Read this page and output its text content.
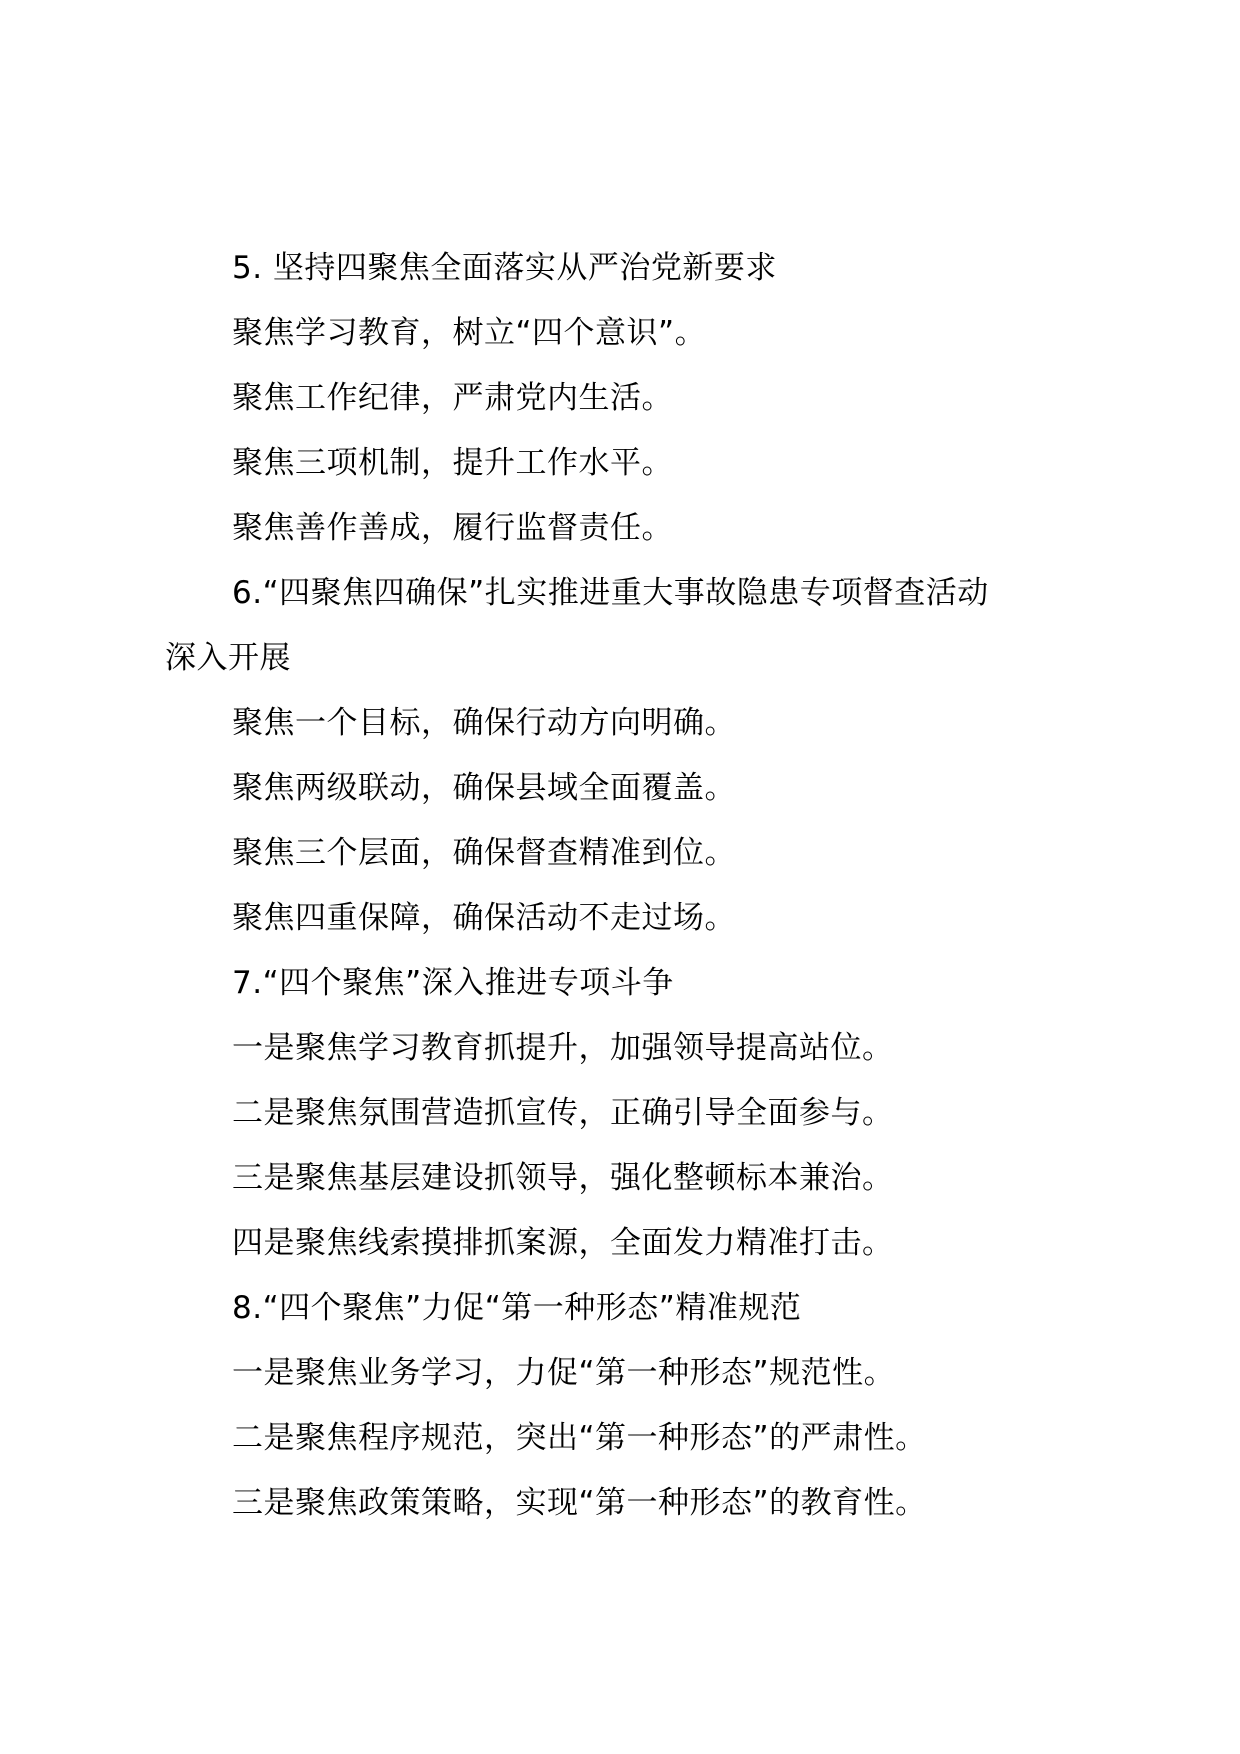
5. 坚持四聚焦全面落实从严治党新要求
聚焦学习教育，树立“四个意识”。
聚焦工作纪律，严肃党内生活。
聚焦三项机制，提升工作水平。
聚焦善作善成，履行监督责任。
6.“四聚焦四确保”扎实推进重大事故隐患专项督查活动
深入开展
聚焦一个目标，确保行动方向明确。
聚焦两级联动，确保县域全面覆盖。
聚焦三个层面，确保督查精准到位。
聚焦四重保障，确保活动不走过场。
7.“四个聚焦”深入推进专项斗争
一是聚焦学习教育抓提升，加强领导提高站位。
二是聚焦氛围营造抓宣传，正确引导全面参与。
三是聚焦基层建设抓领导，强化整顿标本兼治。
四是聚焦线索摸排抓案源，全面发力精准打击。
8.“四个聚焦”力促“第一种形态”精准规范
一是聚焦业务学习，力促“第一种形态”规范性。
二是聚焦程序规范，突出“第一种形态”的严肃性。
三是聚焦政策策略，实现“第一种形态”的教育性。
